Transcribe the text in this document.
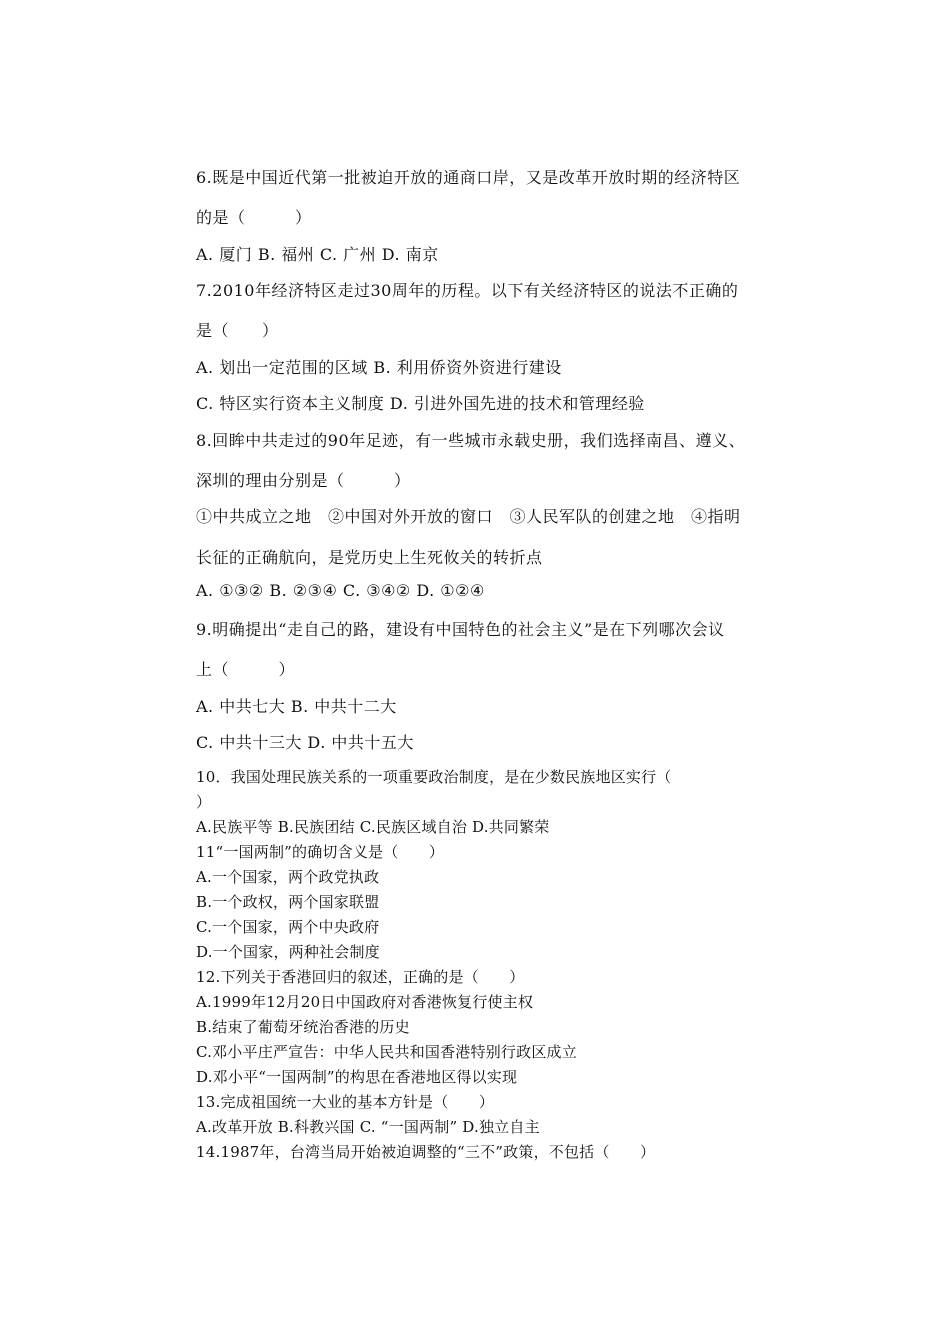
6.既是中国近代第一批被迫开放的通商口岸，又是改革开放时期的经济特区
的是（　　　）
A. 厦门 B. 福州 C. 广州 D. 南京
7.2010年经济特区走过30周年的历程。以下有关经济特区的说法不正确的
是（　　）
A. 划出一定范围的区域 B. 利用侨资外资进行建设
C. 特区实行资本主义制度 D. 引进外国先进的技术和管理经验
8.回眸中共走过的90年足迹，有一些城市永载史册，我们选择南昌、遵义、
深圳的理由分别是（　　　）
①中共成立之地　②中国对外开放的窗口　③人民军队的创建之地　④指明
长征的正确航向，是党历史上生死攸关的转折点
A. ①③② B. ②③④ C. ③④② D. ①②④
9.明确提出“走自己的路，建设有中国特色的社会主义”是在下列哪次会议
上（　　　）
A. 中共七大 B. 中共十二大
C. 中共十三大 D. 中共十五大
10．我国处理民族关系的一项重要政治制度，是在少数民族地区实行（
）
A.民族平等 B.民族团结 C.民族区域自治 D.共同繁荣
11“一国两制”的确切含义是（　　）
A.一个国家，两个政党执政
B.一个政权，两个国家联盟
C.一个国家，两个中央政府
D.一个国家，两种社会制度
12.下列关于香港回归的叙述，正确的是（　　）
A.1999年12月20日中国政府对香港恢复行使主权
B.结束了葡萄牙统治香港的历史
C.邓小平庄严宣告：中华人民共和国香港特别行政区成立
D.邓小平“一国两制”的构思在香港地区得以实现
13.完成祖国统一大业的基本方针是（　　）
A.改革开放 B.科教兴国 C. “一国两制” D.独立自主
14.1987年，台湾当局开始被迫调整的“三不”政策，不包括（　　）
